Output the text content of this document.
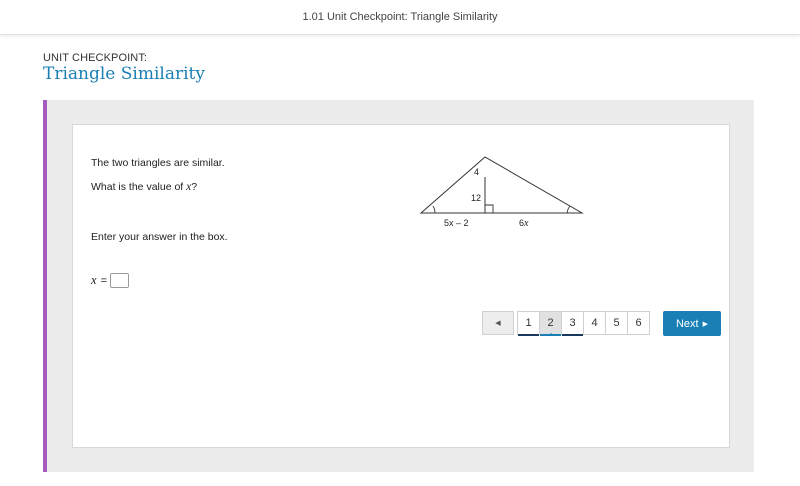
1.01 Unit Checkpoint: Triangle Similarity
UNIT CHECKPOINT:
Triangle Similarity
The two triangles are similar.
What is the value of x?
Enter your answer in the box.
x =
4
12
5x – 2	6x
◀	1	2	3	4	5	6	Next ▶
